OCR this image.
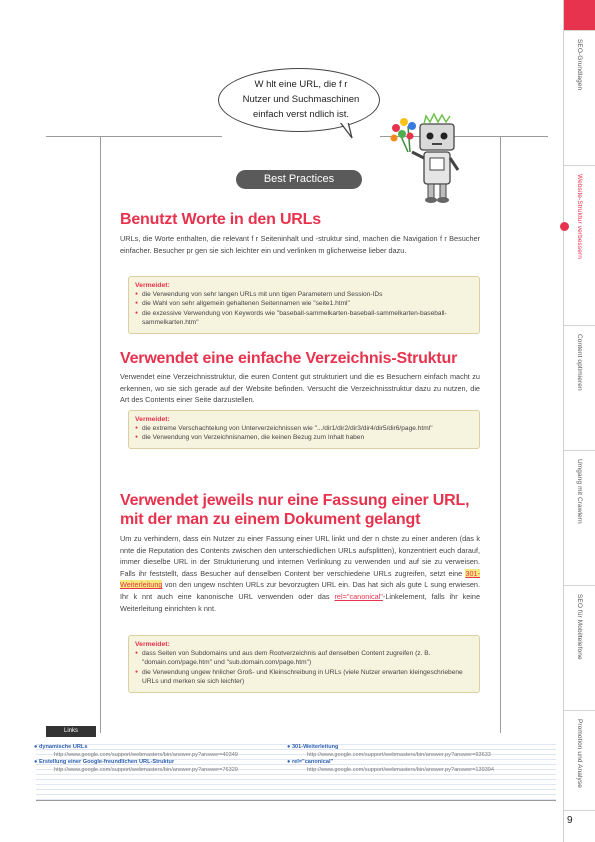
SEO-Grundlagen
Website-Struktur verbessern
Content optimieren
Umgang mit Crawlern
SEO für Mobiltelefone
Promotion und Analyse
9
W hlt eine URL, die f r
Nutzer und Suchmaschinen
einfach verst ndlich ist.
Best Practices
Benutzt Worte in den URLs

URLs, die Worte enthalten, die relevant f r Seiteninhalt und -struktur sind, machen die Navigation f r Besucher einfacher. Besucher pr gen sie sich leichter ein und verlinken m glicherweise lieber dazu.

Vermeidet:
● die Verwendung von sehr langen URLs mit unn tigen Parametern und Session-IDs
● die Wahl von sehr allgemein gehaltenen Seitennamen wie "seite1.html"
● die exzessive Verwendung von Keywords wie "baseball-sammelkarten-baseball-sammelkarten-baseball-sammelkarten.htm"
Verwendet eine einfache Verzeichnis-Struktur

Verwendet eine Verzeichnisstruktur, die euren Content gut strukturiert und die es Besuchern einfach macht zu erkennen, wo sie sich gerade auf der Website befinden. Versucht die Verzeichnisstruktur dazu zu nutzen, die Art des Contents einer Seite darzustellen.

Vermeidet:
● die extreme Verschachtelung von Unterverzeichnissen wie ".../dir1/dir2/dir3/dir4/dir5/dir6/page.html"
● die Verwendung von Verzeichnisnamen, die keinen Bezug zum Inhalt haben
Verwendet jeweils nur eine Fassung einer URL, mit der man zu einem Dokument gelangt

Um zu verhindern, dass ein Nutzer zu einer Fassung einer URL linkt und der n chste zu einer anderen (das k nnte die Reputation des Contents zwischen den unterschiedlichen URLs aufsplitten), konzentriert euch darauf, immer dieselbe URL in der Strukturierung und internen Verlinkung zu verwenden und auf sie zu verweisen. Falls ihr feststellt, dass Besucher auf denselben Content ber verschiedene URLs zugreifen, setzt eine 301-Weiterleitung von den ungew nschten URLs zur bevorzugten URL ein. Das hat sich als gute L sung erwiesen. Ihr k nnt auch eine kanonische URL verwenden oder das rel="canonical"-Linkelement, falls ihr keine Weiterleitung einrichten k nnt.

Vermeidet:
● dass Seiten von Subdomains und aus dem Rootverzeichnis auf denselben Content zugreifen (z. B. "domain.com/page.htm" und "sub.domain.com/page.htm")
● die Verwendung ungew hnlicher Groß- und Kleinschreibung in URLs (viele Nutzer erwarten kleingeschriebene URLs und merken sie sich leichter)
Links
● dynamische URLs
http://www.google.com/support/webmasters/bin/answer.py?answer=40349
● Erstellung einer Google-freundlichen URL-Struktur
http://www.google.com/support/webmasters/bin/answer.py?answer=76329
● 301-Weiterleitung
http://www.google.com/support/webmasters/bin/answer.py?answer=93633
● rel="canonical"
http://www.google.com/support/webmasters/bin/answer.py?answer=139394
